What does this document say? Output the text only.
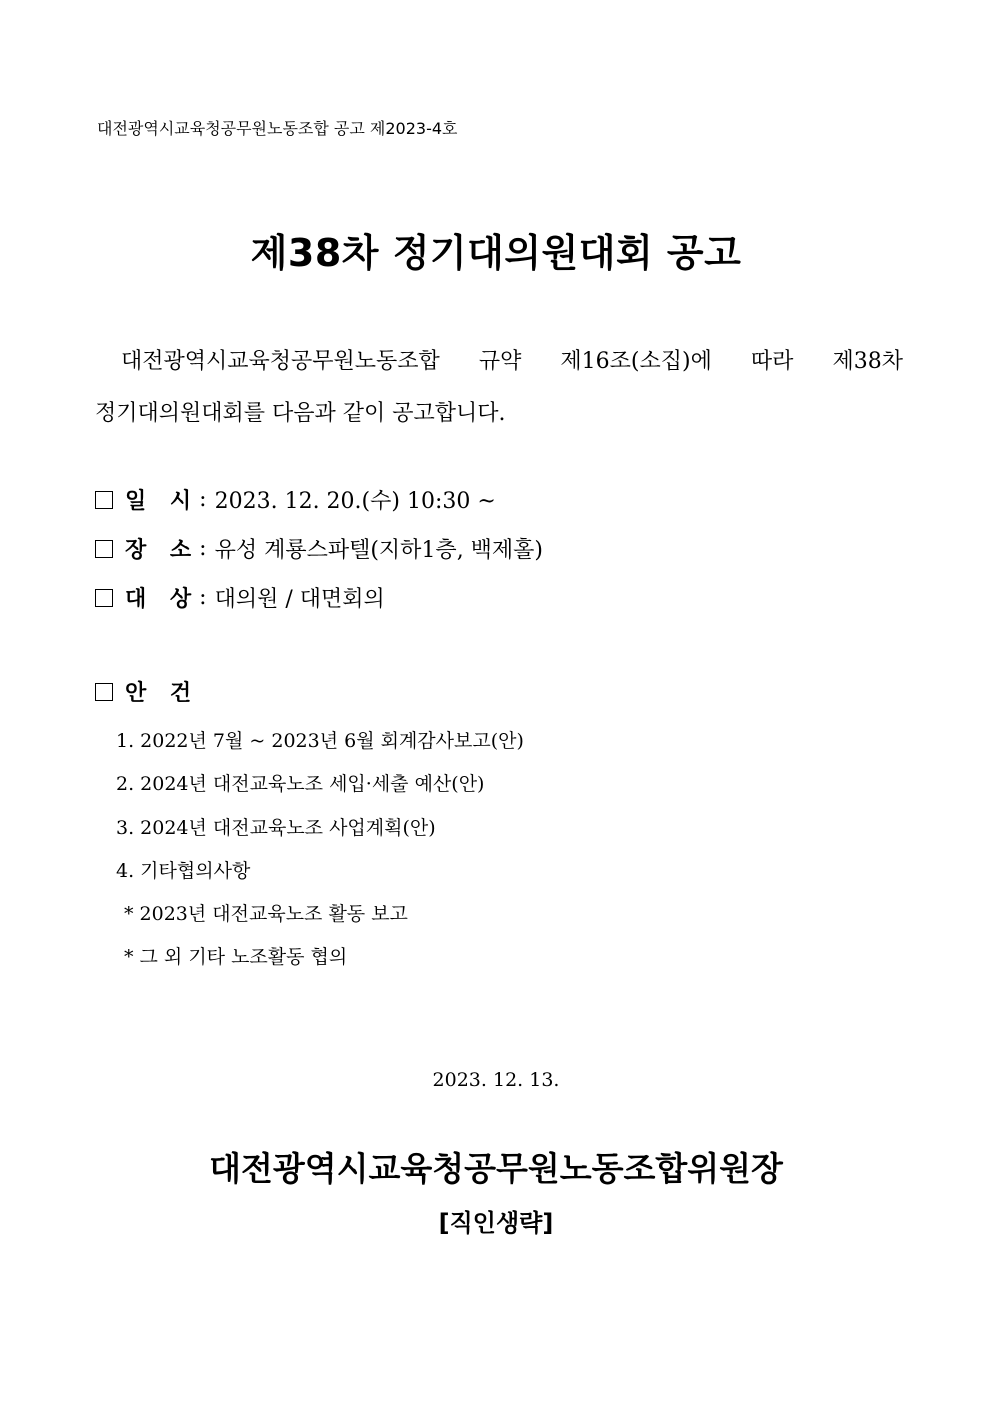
대전광역시교육청공무원노동조합 공고 제2023-4호
제38차 정기대의원대회 공고

대전광역시교육청공무원노동조합 규약 제16조(소집)에 따라 제38차

정기대의원대회를 다음과 같이 공고합니다.

일 시 : 2023. 12. 20.(수) 10:30 ~
장 소 : 유성 계룡스파텔(지하1층, 백제홀)
대 상 : 대의원 / 대면회의
안 건
1. 2022년 7월 ~ 2023년 6월 회계감사보고(안)
2. 2024년 대전교육노조 세입·세출 예산(안)
3. 2024년 대전교육노조 사업계획(안)
4. 기타협의사항
* 2023년 대전교육노조 활동 보고
* 그 외 기타 노조활동 협의
2023. 12. 13.
대전광역시교육청공무원노동조합위원장
[직인생략]
